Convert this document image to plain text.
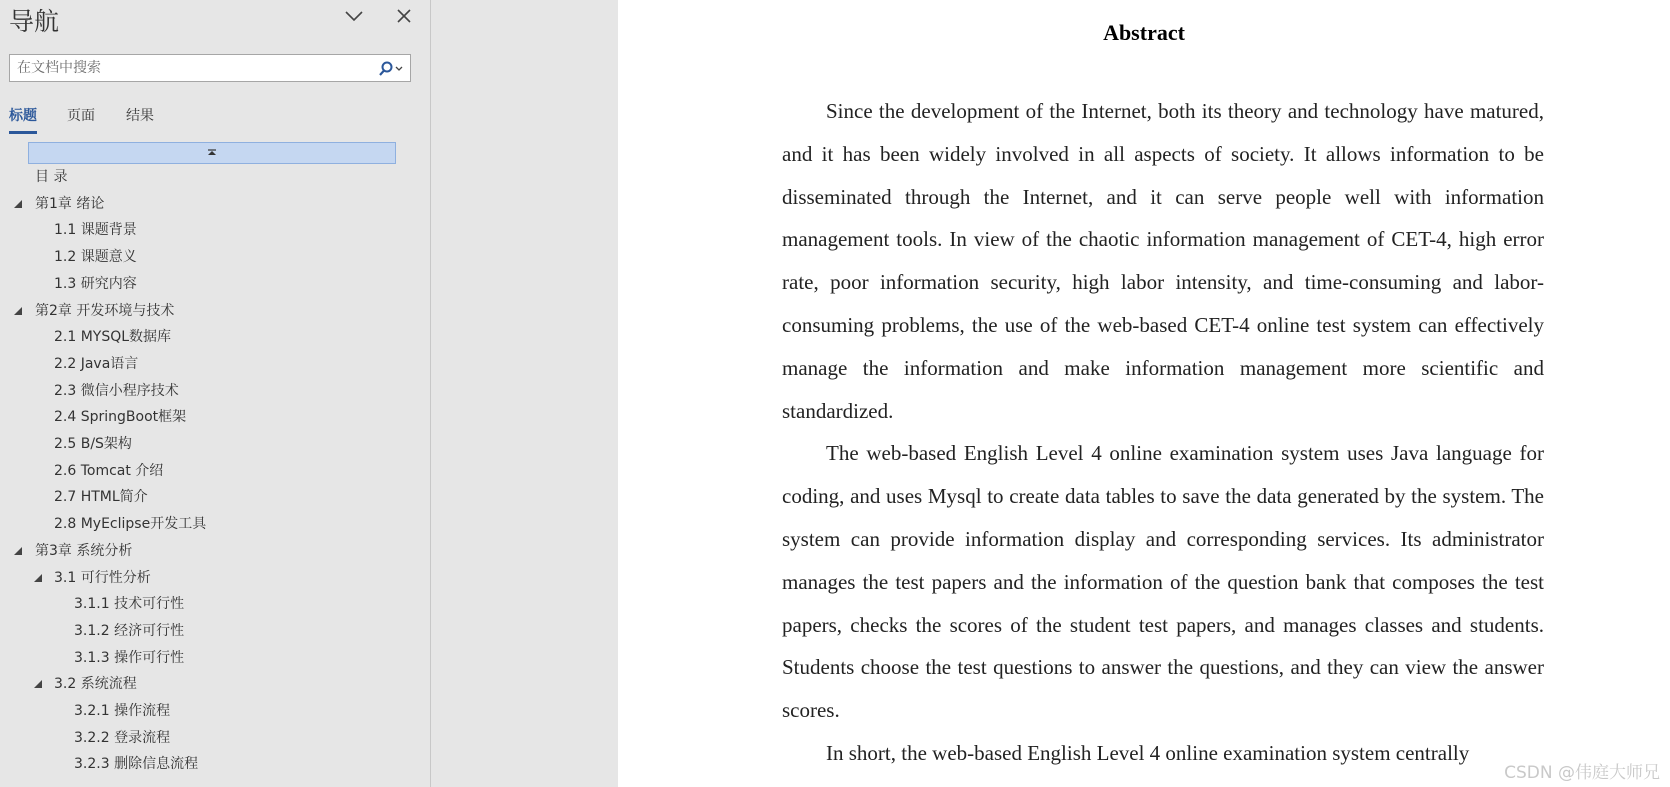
导航
在文档中搜索
标题 页面 结果
目 录
第1章 绪论
1.1 课题背景
1.2 课题意义
1.3 研究内容
第2章 开发环境与技术
2.1 MYSQL数据库
2.2 Java语言
2.3 微信小程序技术
2.4 SpringBoot框架
2.5 B/S架构
2.6 Tomcat 介绍
2.7 HTML简介
2.8 MyEclipse开发工具
第3章 系统分析
3.1 可行性分析
3.1.1 技术可行性
3.1.2 经济可行性
3.1.3 操作可行性
3.2 系统流程
3.2.1 操作流程
3.2.2 登录流程
3.2.3 删除信息流程
Abstract

Since the development of the Internet, both its theory and technology have matured, and it has been widely involved in all aspects of society. It allows information to be disseminated through the Internet, and it can serve people well with information management tools. In view of the chaotic information management of CET-4, high error rate, poor information security, high labor intensity, and time-consuming and labor-consuming problems, the use of the web-based CET-4 online test system can effectively manage the information and make information management more scientific and standardized.

The web-based English Level 4 online examination system uses Java language for coding, and uses Mysql to create data tables to save the data generated by the system. The system can provide information display and corresponding services. Its administrator manages the test papers and the information of the question bank that composes the test papers, checks the scores of the student test papers, and manages classes and students. Students choose the test questions to answer the questions, and they can view the answer scores.

In short, the web-based English Level 4 online examination system centrally

CSDN @伟庭大师兄
